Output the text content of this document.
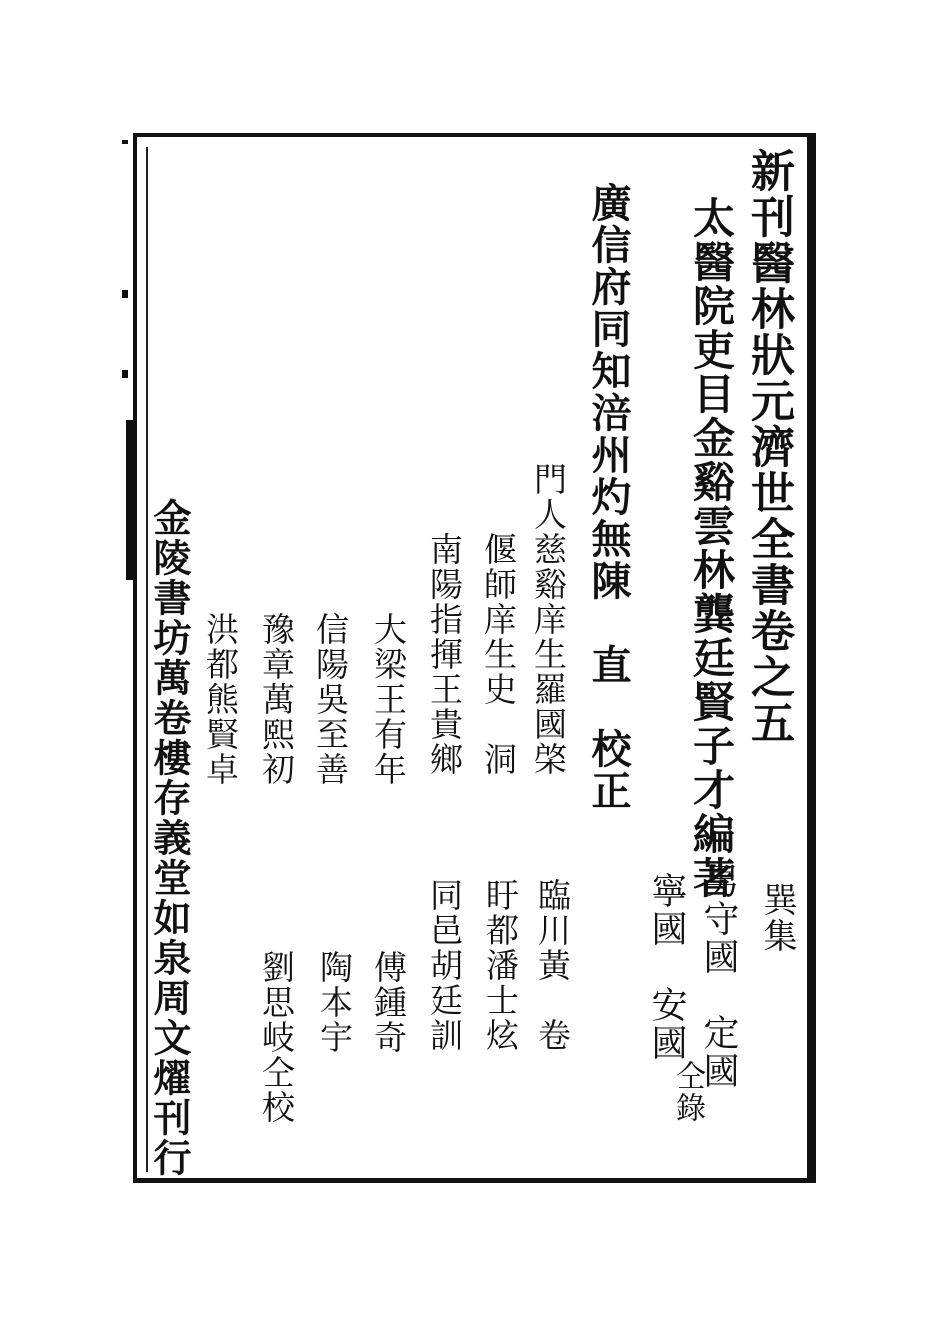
新刊醫林狀元濟世全書卷之五
太醫院吏目金谿雲林龔廷賢子才編著
巽集
男守國　定國
寧國　安國
仝錄
廣信府同知涪州灼無陳　直　校正
門人慈谿庠生羅國棨
偃師庠生史　洞
南陽指揮王貴鄉
大梁王有年
信陽吳至善
豫章萬熙初
洪都熊賢卓
臨川黃　卷
盱都潘士炫
同邑胡廷訓
傅鍾奇
陶本宇
劉思岐仝校
金陵書坊萬卷樓存義堂如泉周文燿刊行
